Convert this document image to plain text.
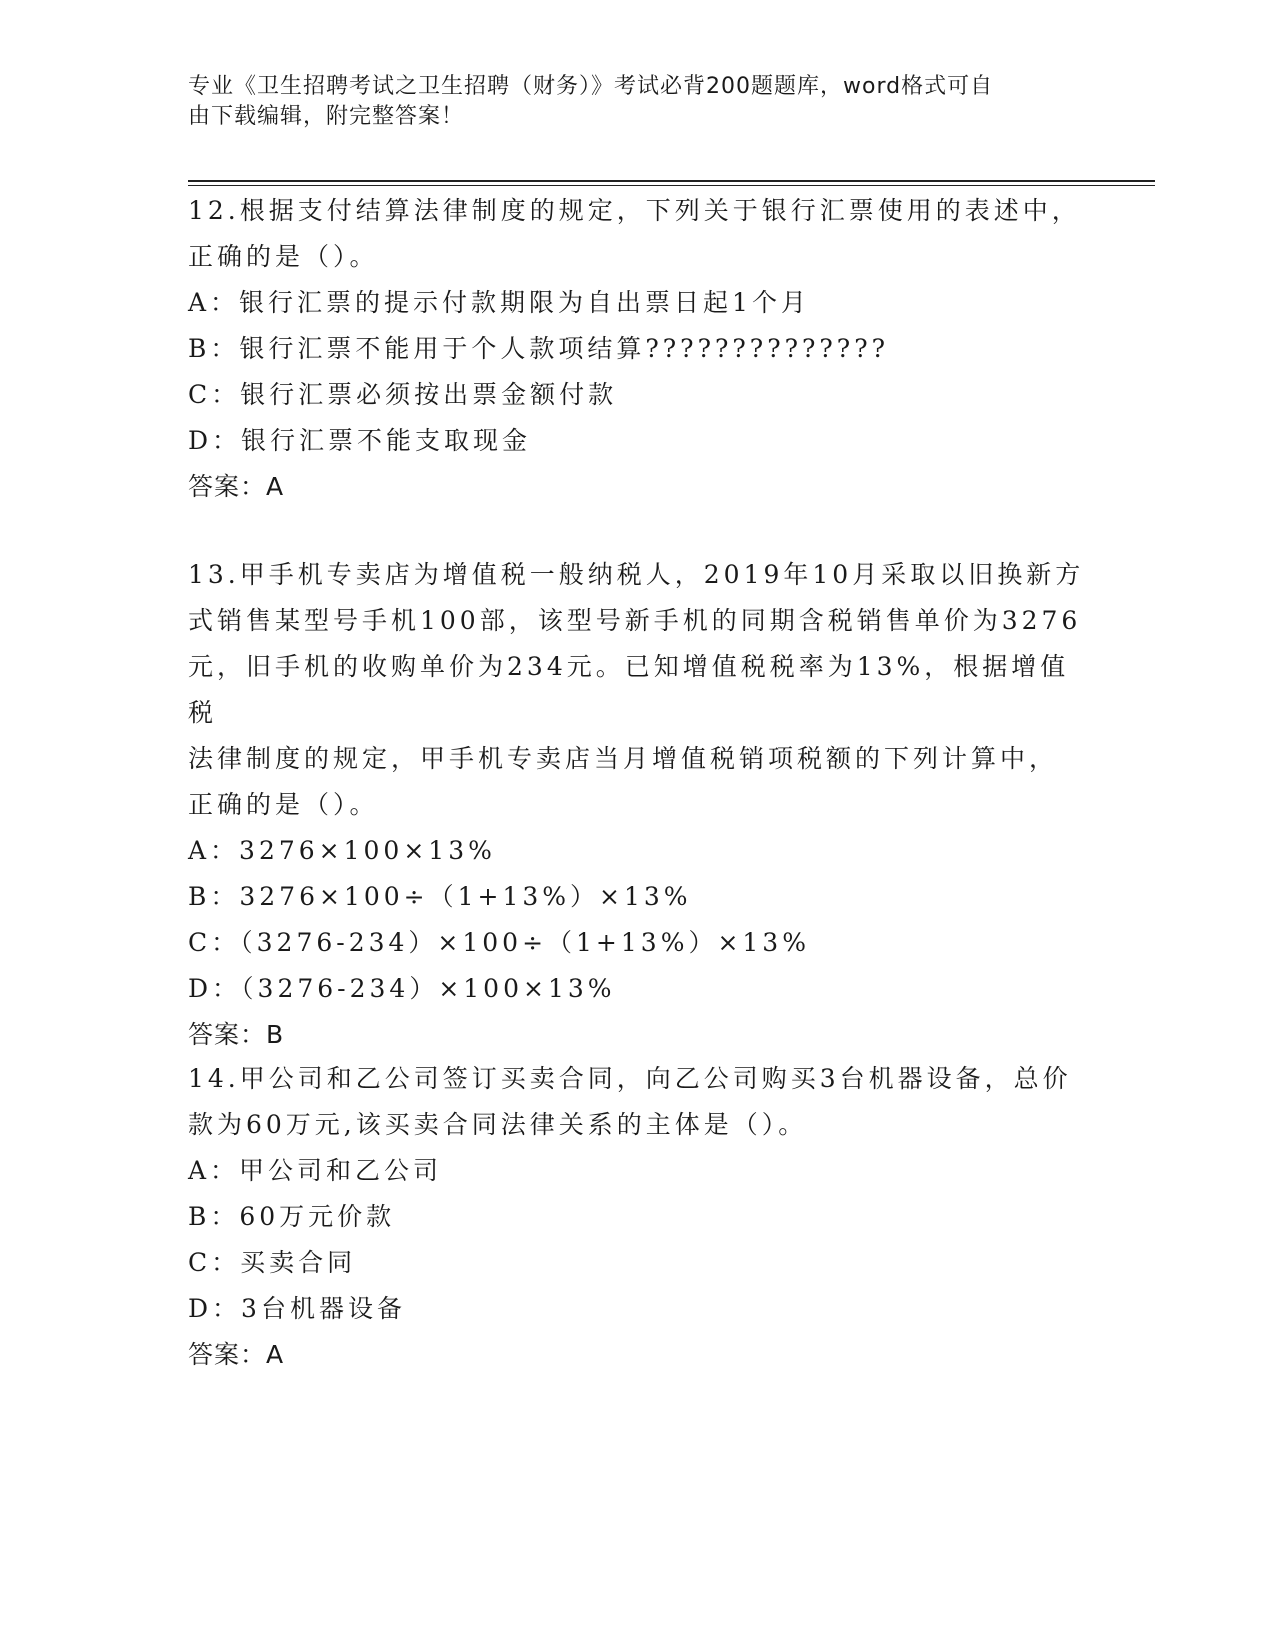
专业《卫生招聘考试之卫生招聘（财务）》考试必背200题题库，word格式可自
由下载编辑，附完整答案！

12.根据支付结算法律制度的规定，下列关于银行汇票使用的表述中，

正确的是（）。

A：银行汇票的提示付款期限为自出票日起1个月

B：银行汇票不能用于个人款项结算??????????????

C：银行汇票必须按出票金额付款

D：银行汇票不能支取现金

答案：A

13.甲手机专卖店为增值税一般纳税人，2019年10月采取以旧换新方

式销售某型号手机100部，该型号新手机的同期含税销售单价为3276

元，旧手机的收购单价为234元。已知增值税税率为13%，根据增值税

法律制度的规定，甲手机专卖店当月增值税销项税额的下列计算中，

正确的是（）。

A：3276×100×13%

B：3276×100÷（1+13%）×13%

C：（3276-234）×100÷（1+13%）×13%

D：（3276-234）×100×13%

答案：B

14.甲公司和乙公司签订买卖合同，向乙公司购买3台机器设备，总价

款为60万元,该买卖合同法律关系的主体是（）。

A：甲公司和乙公司

B：60万元价款

C：买卖合同

D：3台机器设备

答案：A
